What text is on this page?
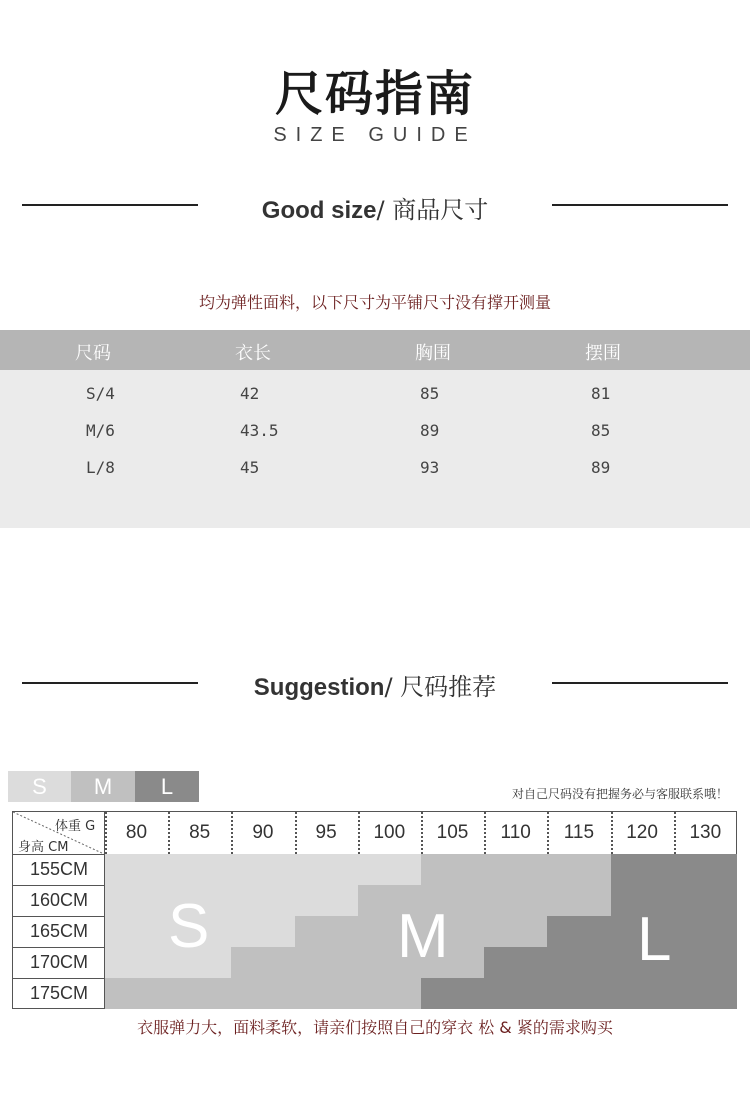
尺码指南
SIZE GUIDE
Good size/ 商品尺寸
均为弹性面料，以下尺寸为平铺尺寸没有撑开测量
尺码	衣长	胸围	摆围
S/4	42	85	81
M/6	43.5	89	85
L/8	45	93	89
Suggestion/ 尺码推荐
S	M	L	对自己尺码没有把握务必与客服联系哦！
体重 G
身高 CM
80	85	90	95	100	105	110	115	120	130
155CM
160CM
165CM
170CM
175CM
S	M	L
衣服弹力大，面料柔软，请亲们按照自己的穿衣 松 & 紧的需求购买
